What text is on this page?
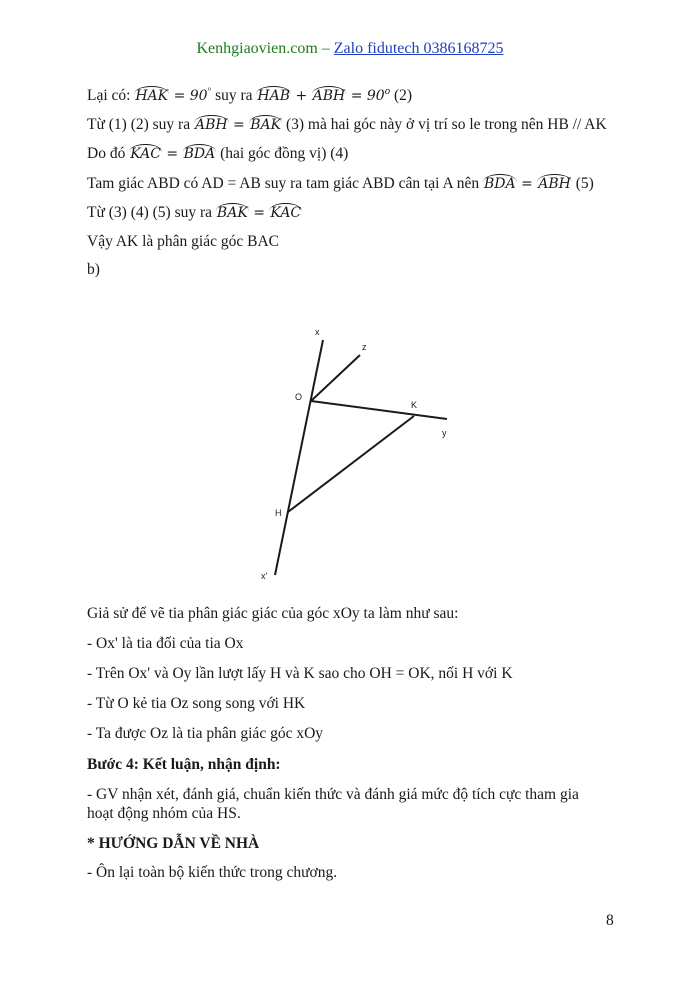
Kenhgiaovien.com – Zalo fidutech 0386168725
Lại có: HAK = 90° suy ra HAB + ABH = $90^o$ (2)
Từ (1) (2) suy ra ABH = BAK (3) mà hai góc này ở vị trí so le trong nên HB // AK
Do đó KAC = BDA (hai góc đồng vị) (4)
Tam giác ABD có AD = AB suy ra tam giác ABD cân tại A nên BDA = ABH (5)
Từ (3) (4) (5) suy ra BAK = KAC
Vậy AK là phân giác góc BAC
b)
x
z
O
K
y
H
x'
Giả sử để vẽ tia phân giác giác của góc xOy ta làm như sau:
- Ox' là tia đối của tia Ox
- Trên Ox' và Oy lần lượt lấy H và K sao cho OH = OK, nối H với K
- Từ O kẻ tia Oz song song với HK
- Ta được Oz là tia phân giác góc xOy
Bước 4: Kết luận, nhận định:
- GV nhận xét, đánh giá, chuẩn kiến thức và đánh giá mức độ tích cực tham gia
hoạt động nhóm của HS.
* HƯỚNG DẪN VỀ NHÀ
- Ôn lại toàn bộ kiến thức trong chương.
8
